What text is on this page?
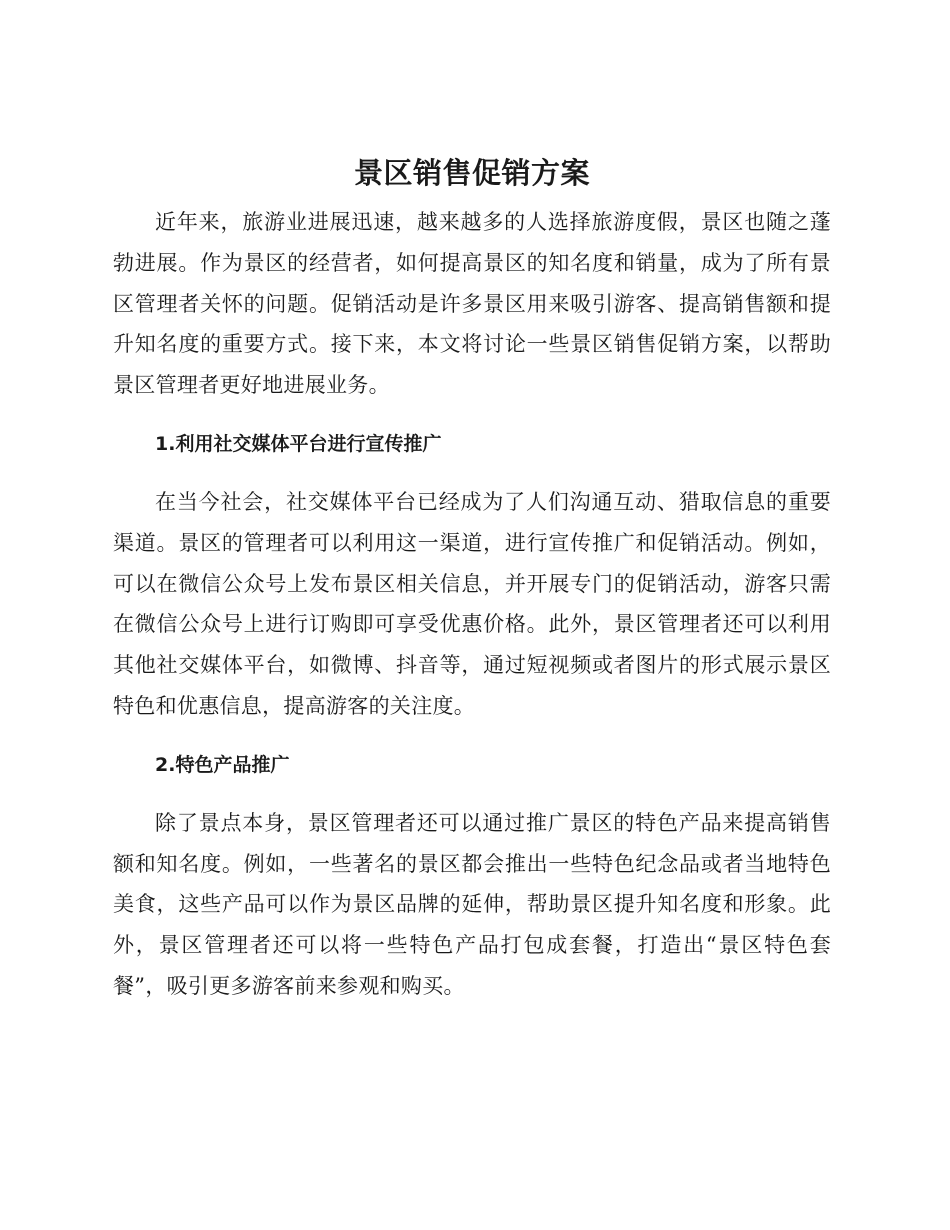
景区销售促销方案

近年来，旅游业进展迅速，越来越多的人选择旅游度假，景区也随之蓬勃进展。作为景区的经营者，如何提高景区的知名度和销量，成为了所有景区管理者关怀的问题。促销活动是许多景区用来吸引游客、提高销售额和提升知名度的重要方式。接下来，本文将讨论一些景区销售促销方案，以帮助景区管理者更好地进展业务。

1.利用社交媒体平台进行宣传推广

在当今社会，社交媒体平台已经成为了人们沟通互动、猎取信息的重要渠道。景区的管理者可以利用这一渠道，进行宣传推广和促销活动。例如，可以在微信公众号上发布景区相关信息，并开展专门的促销活动，游客只需在微信公众号上进行订购即可享受优惠价格。此外，景区管理者还可以利用其他社交媒体平台，如微博、抖音等，通过短视频或者图片的形式展示景区特色和优惠信息，提高游客的关注度。

2.特色产品推广

除了景点本身，景区管理者还可以通过推广景区的特色产品来提高销售额和知名度。例如，一些著名的景区都会推出一些特色纪念品或者当地特色美食，这些产品可以作为景区品牌的延伸，帮助景区提升知名度和形象。此外，景区管理者还可以将一些特色产品打包成套餐，打造出“景区特色套餐”，吸引更多游客前来参观和购买。
